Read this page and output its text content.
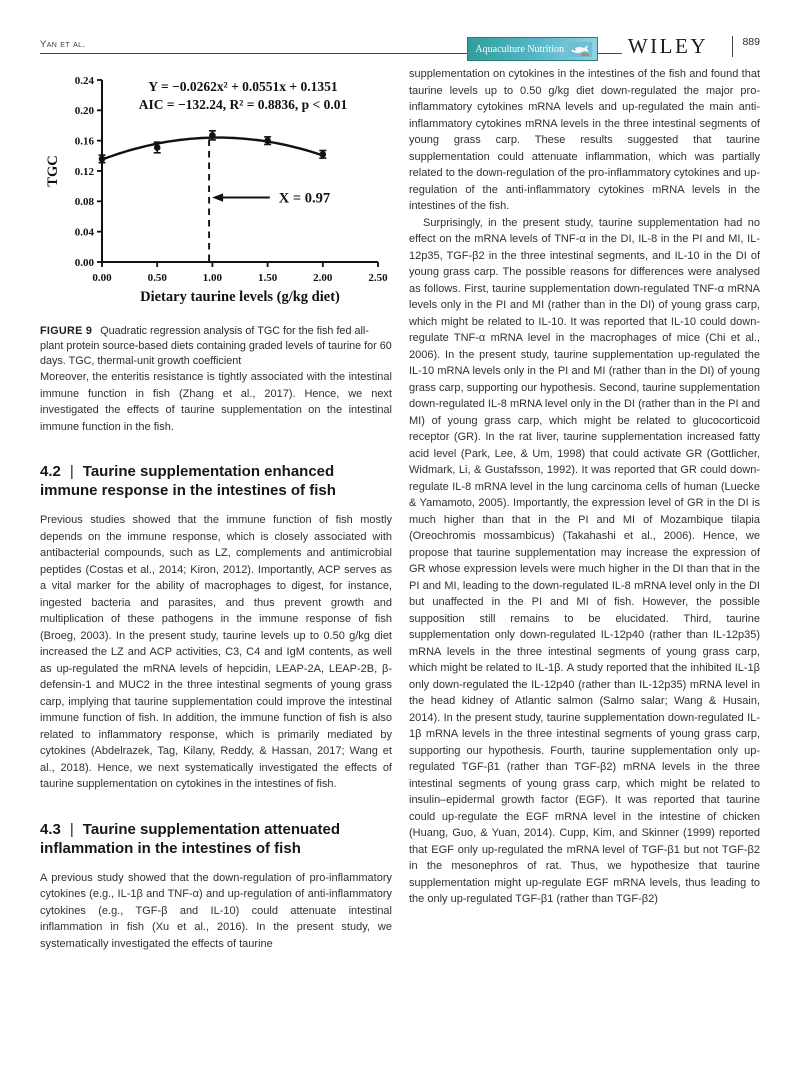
Yan et al.	Aquaculture Nutrition	WILEY	889
0.00
0.04
0.08
0.12
0.16
0.20
0.24
0.00	0.50	1.00	1.50	2.00	2.50
Dietary taurine levels (g/kg diet)
TGC
Y = −0.0262x² + 0.0551x + 0.1351
AIC = −132.24, R² = 0.8836, p < 0.01
X = 0.97
FIGURE 9 Quadratic regression analysis of TGC for the fish fed all-plant protein source-based diets containing graded levels of taurine for 60 days. TGC, thermal-unit growth coefficient

Moreover, the enteritis resistance is tightly associated with the intestinal immune function in fish (Zhang et al., 2017). Hence, we next investigated the effects of taurine supplementation on the intestinal immune function in the fish.

4.2 | Taurine supplementation enhanced immune response in the intestines of fish

Previous studies showed that the immune function of fish mostly depends on the immune response, which is closely associated with antibacterial compounds, such as LZ, complements and antimicrobial peptides (Costas et al., 2014; Kiron, 2012). Importantly, ACP serves as a vital marker for the ability of macrophages to digest, for instance, ingested bacteria and parasites, and thus prevent growth and multiplication of these pathogens in the immune response of fish (Broeg, 2003). In the present study, taurine levels up to 0.50 g/kg diet increased the LZ and ACP activities, C3, C4 and IgM contents, as well as up-regulated the mRNA levels of hepcidin, LEAP-2A, LEAP-2B, β-defensin-1 and MUC2 in the three intestinal segments of young grass carp, implying that taurine supplementation could improve the intestinal immune function of fish. In addition, the immune function of fish is also related to inflammatory response, which is primarily mediated by cytokines (Abdelrazek, Tag, Kilany, Reddy, & Hassan, 2017; Wang et al., 2018). Hence, we next systematically investigated the effects of taurine supplementation on cytokines in the intestines of fish.

4.3 | Taurine supplementation attenuated inflammation in the intestines of fish

A previous study showed that the down-regulation of pro-inflammatory cytokines (e.g., IL-1β and TNF-α) and up-regulation of anti-inflammatory cytokines (e.g., TGF-β and IL-10) could attenuate intestinal inflammation in fish (Xu et al., 2016). In the present study, we systematically investigated the effects of taurine

supplementation on cytokines in the intestines of the fish and found that taurine levels up to 0.50 g/kg diet down-regulated the major pro-inflammatory cytokines mRNA levels and up-regulated the main anti-inflammatory cytokines mRNA levels in the three intestinal segments of young grass carp. These results suggested that taurine supplementation could attenuate inflammation, which was partially related to the down-regulation of the pro-inflammatory cytokines and up-regulation of the anti-inflammatory cytokines mRNA levels in the intestines of the fish.

Surprisingly, in the present study, taurine supplementation had no effect on the mRNA levels of TNF-α in the DI, IL-8 in the PI and MI, IL-12p35, TGF-β2 in the three intestinal segments, and IL-10 in the DI of young grass carp. The possible reasons for differences were analysed as follows. First, taurine supplementation down-regulated TNF-α mRNA levels only in the PI and MI (rather than in the DI) of young grass carp, which might be related to IL-10. It was reported that IL-10 could down-regulate TNF-α mRNA level in the macrophages of mice (Chi et al., 2006). In the present study, taurine supplementation up-regulated the IL-10 mRNA levels only in the PI and MI (rather than in the DI) of young grass carp, supporting our hypothesis. Second, taurine supplementation down-regulated IL-8 mRNA level only in the DI (rather than in the PI and MI) of young grass carp, which might be related to glucocorticoid receptor (GR). In the rat liver, taurine supplementation increased fatty acid level (Park, Lee, & Um, 1998) that could activate GR (Gottlicher, Widmark, Li, & Gustafsson, 1992). It was reported that GR could down-regulate IL-8 mRNA level in the lung carcinoma cells of human (Luecke & Yamamoto, 2005). Importantly, the expression level of GR in the DI is much higher than that in the PI and MI of Mozambique tilapia (Oreochromis mossambicus) (Takahashi et al., 2006). Hence, we propose that taurine supplementation may increase the expression of GR whose expression levels were much higher in the DI than that in the PI and MI, leading to the down-regulated IL-8 mRNA level only in the DI but unaffected in the PI and MI of fish. However, the possible supposition still remains to be elucidated. Third, taurine supplementation only down-regulated IL-12p40 (rather than IL-12p35) mRNA levels in the three intestinal segments of young grass carp, which might be related to IL-1β. A study reported that the inhibited IL-1β only down-regulated the IL-12p40 (rather than IL-12p35) mRNA level in the head kidney of Atlantic salmon (Salmo salar; Wang & Husain, 2014). In the present study, taurine supplementation down-regulated IL-1β mRNA levels in the three intestinal segments of young grass carp, supporting our hypothesis. Fourth, taurine supplementation only up-regulated TGF-β1 (rather than TGF-β2) mRNA levels in the three intestinal segments of young grass carp, which might be related to insulin–epidermal growth factor (EGF). It was reported that taurine could up-regulate the EGF mRNA level in the intestine of chicken (Huang, Guo, & Yuan, 2014). Cupp, Kim, and Skinner (1999) reported that EGF only up-regulated the mRNA level of TGF-β1 but not TGF-β2 in the mesonephros of rat. Thus, we hypothesize that taurine supplementation might up-regulate EGF mRNA levels, thus leading to the only up-regulated TGF-β1 (rather than TGF-β2)
